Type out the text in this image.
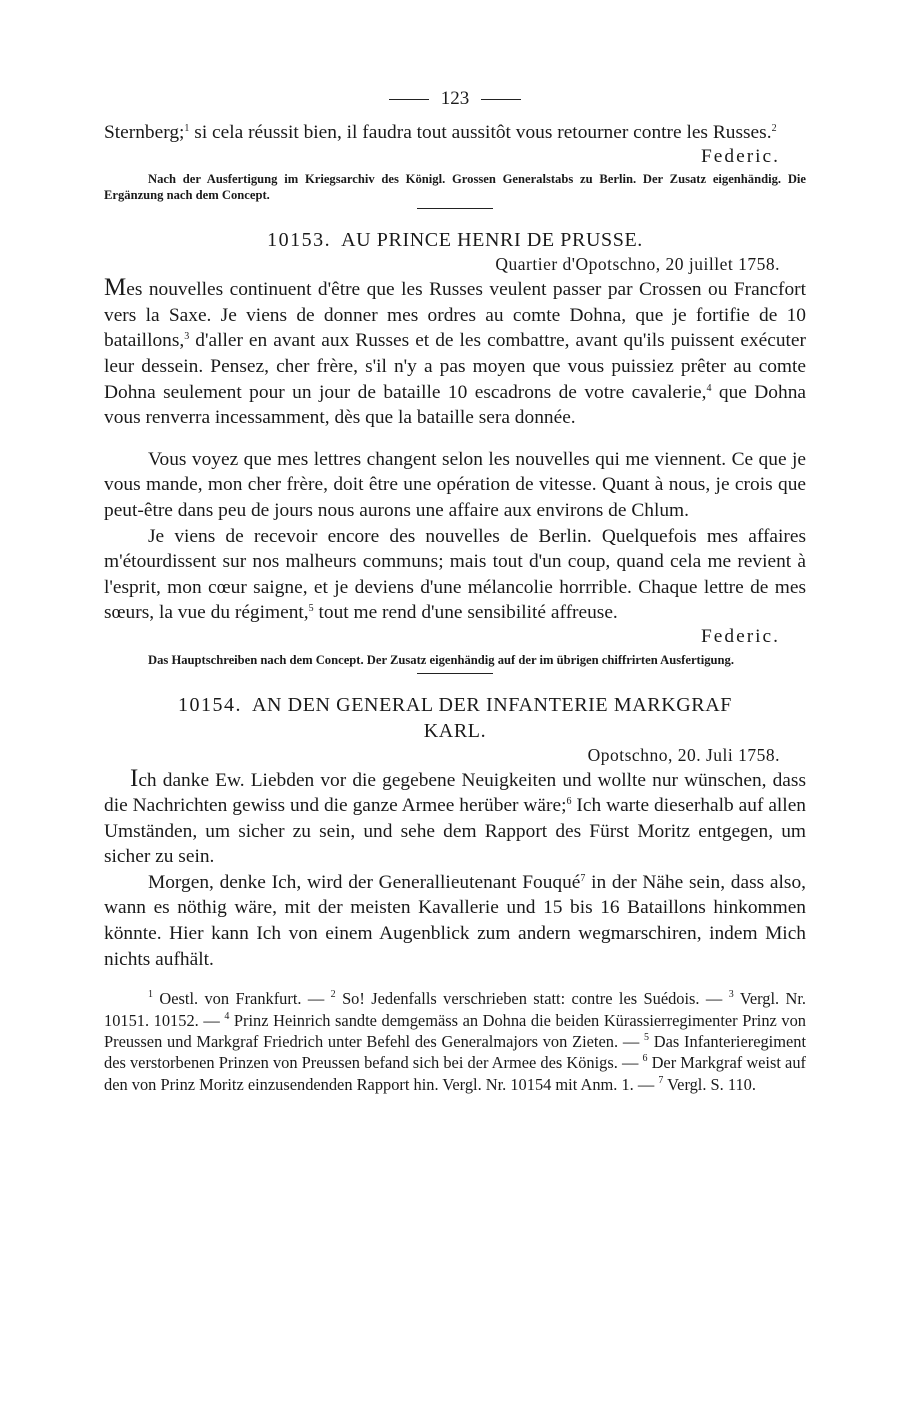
123

Sternberg;$^1$ si cela réussit bien, il faudra tout aussitôt vous retourner contre les Russes.$^2$

Federic.

Nach der Ausfertigung im Kriegsarchiv des Königl. Grossen Generalstabs zu Berlin. Der Zusatz eigenhändig. Die Ergänzung nach dem Concept.

10153. AU PRINCE HENRI DE PRUSSE.
Quartier d'Opotschno, 20 juillet 1758.

Mes nouvelles continuent d'être que les Russes veulent passer par Crossen ou Francfort vers la Saxe. Je viens de donner mes ordres au comte Dohna, que je fortifie de 10 bataillons,$^3$ d'aller en avant aux Russes et de les combattre, avant qu'ils puissent exécuter leur dessein. Pensez, cher frère, s'il n'y a pas moyen que vous puissiez prêter au comte Dohna seulement pour un jour de bataille 10 escadrons de votre cavalerie,$^4$ que Dohna vous renverra incessamment, dès que la bataille sera donnée.

Vous voyez que mes lettres changent selon les nouvelles qui me viennent. Ce que je vous mande, mon cher frère, doit être une opération de vitesse. Quant à nous, je crois que peut-être dans peu de jours nous aurons une affaire aux environs de Chlum.

Je viens de recevoir encore des nouvelles de Berlin. Quelquefois mes affaires m'étourdissent sur nos malheurs communs; mais tout d'un coup, quand cela me revient à l'esprit, mon cœur saigne, et je deviens d'une mélancolie horrrible. Chaque lettre de mes sœurs, la vue du régiment,$^5$ tout me rend d'une sensibilité affreuse.

Federic.

Das Hauptschreiben nach dem Concept. Der Zusatz eigenhändig auf der im übrigen chiffrirten Ausfertigung.

10154. AN DEN GENERAL DER INFANTERIE MARKGRAF
KARL.
Opotschno, 20. Juli 1758.

Ich danke Ew. Liebden vor die gegebene Neuigkeiten und wollte nur wünschen, dass die Nachrichten gewiss und die ganze Armee herüber wäre;$^6$ Ich warte dieserhalb auf allen Umständen, um sicher zu sein, und sehe dem Rapport des Fürst Moritz entgegen, um sicher zu sein.

Morgen, denke Ich, wird der Generallieutenant Fouqué$^7$ in der Nähe sein, dass also, wann es nöthig wäre, mit der meisten Kavallerie und 15 bis 16 Bataillons hinkommen könnte. Hier kann Ich von einem Augenblick zum andern wegmarschiren, indem Mich nichts aufhält.

$^1$ Oestl. von Frankfurt. — $^2$ So! Jedenfalls verschrieben statt: contre les Suédois. — $^3$ Vergl. Nr. 10151. 10152. — $^4$ Prinz Heinrich sandte demgemäss an Dohna die beiden Kürassierregimenter Prinz von Preussen und Markgraf Friedrich unter Befehl des Generalmajors von Zieten. — $^5$ Das Infanterieregiment des verstorbenen Prinzen von Preussen befand sich bei der Armee des Königs. — $^6$ Der Markgraf weist auf den von Prinz Moritz einzusendenden Rapport hin. Vergl. Nr. 10154 mit Anm. 1. — $^7$ Vergl. S. 110.
